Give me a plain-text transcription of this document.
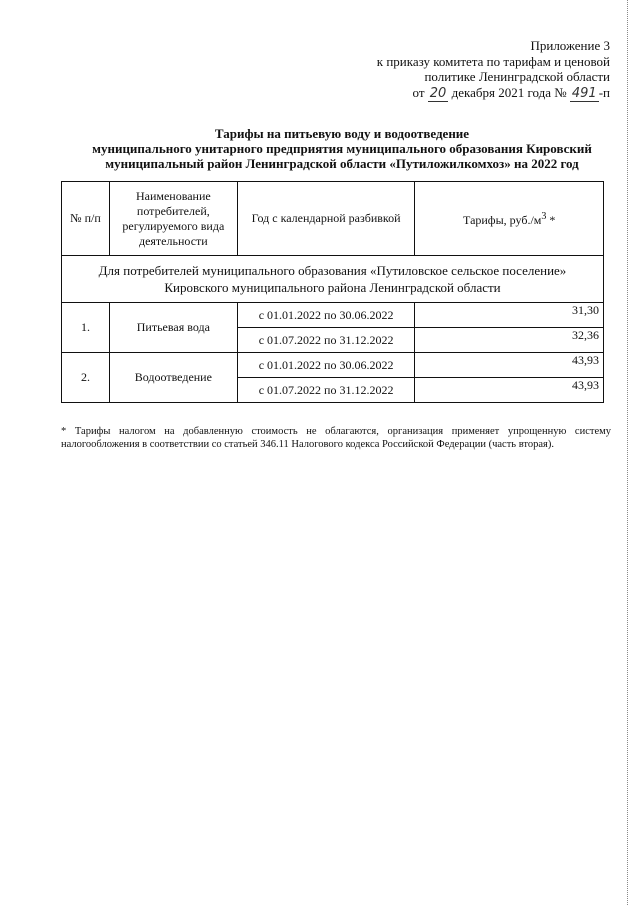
Приложение 3
к приказу комитета по тарифам и ценовой
политике Ленинградской области
от 20 декабря 2021 года № 491 -п
Тарифы на питьевую воду и водоотведение
муниципального унитарного предприятия муниципального образования Кировский
муниципальный район Ленинградской области «Путиложилкомхоз» на 2022 год
№ п/п	Наименование потребителей, регулируемого вида деятельности	Год с календарной разбивкой	Тарифы, $руб./м^3$ *

Для потребителей муниципального образования «Путиловское сельское поселение»
Кировского муниципального района Ленинградской области			

1.	Питьевая вода	с 01.01.2022 по 30.06.2022	31,30
		с 01.07.2022 по 31.12.2022	32,36
2.	Водоотведение	с 01.01.2022 по 30.06.2022	43,93
		с 01.07.2022 по 31.12.2022	43,93
* Тарифы налогом на добавленную стоимость не облагаются, организация применяет упрощенную систему налогообложения в соответствии со статьей 346.11 Налогового кодекса Российской Федерации (часть вторая).
